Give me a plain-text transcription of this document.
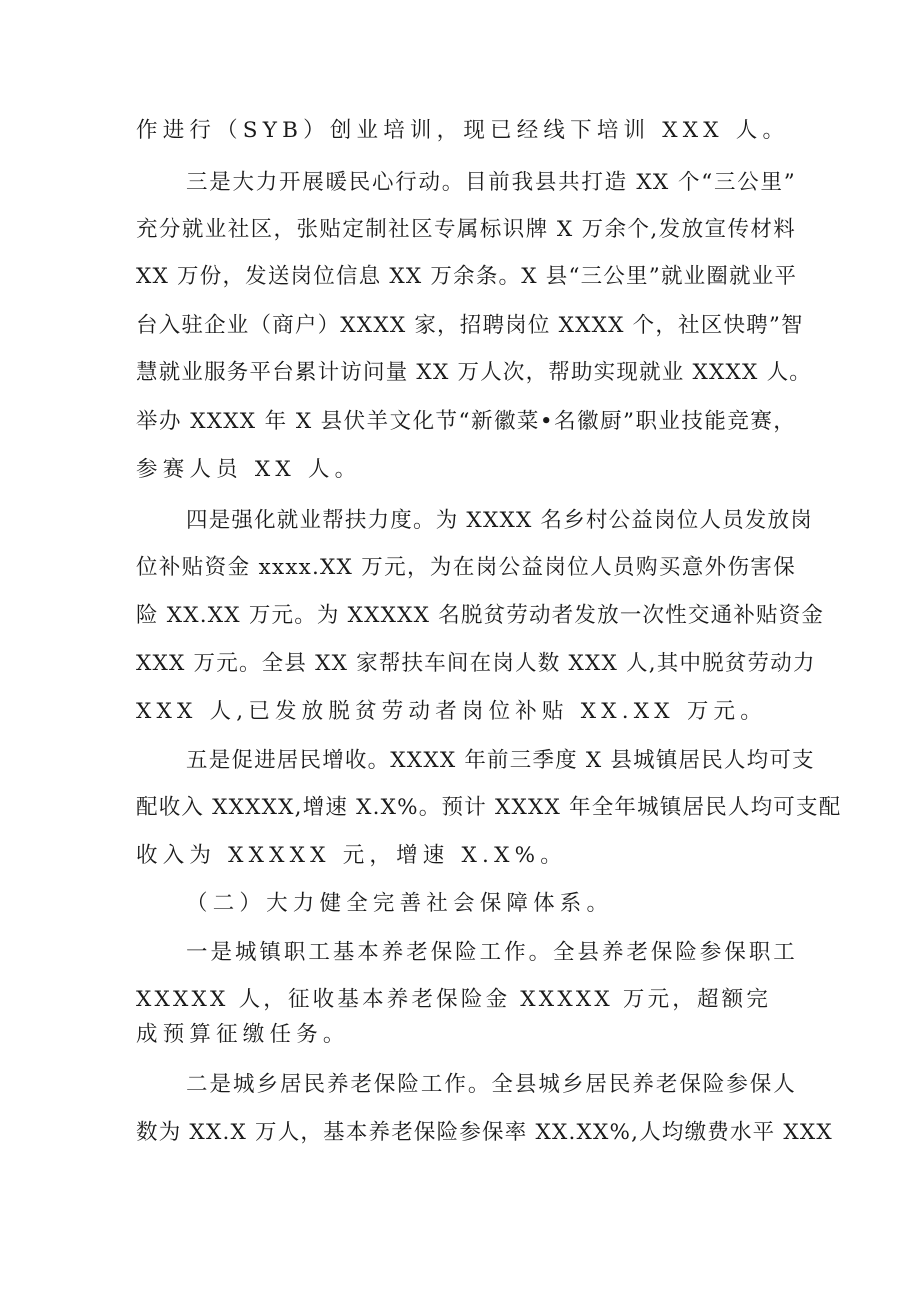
作进行（SYB）创业培训，现已经线下培训 XXX 人。
三是大力开展暖民心行动。目前我县共打造 XX 个“三公里”
充分就业社区，张贴定制社区专属标识牌 X 万余个,发放宣传材料
XX 万份，发送岗位信息 XX 万余条。X 县“三公里”就业圈就业平
台入驻企业（商户）XXXX 家，招聘岗位 XXXX 个，社区快聘”智
慧就业服务平台累计访问量 XX 万人次，帮助实现就业 XXXX 人。
举办 XXXX 年 X 县伏羊文化节“新徽菜•名徽厨”职业技能竞赛，
参赛人员 XX 人。
四是强化就业帮扶力度。为 XXXX 名乡村公益岗位人员发放岗
位补贴资金 xxxx.XX 万元，为在岗公益岗位人员购买意外伤害保
险 XX.XX 万元。为 XXXXX 名脱贫劳动者发放一次性交通补贴资金
XXX 万元。全县 XX 家帮扶车间在岗人数 XXX 人,其中脱贫劳动力
XXX 人,已发放脱贫劳动者岗位补贴 XX.XX 万元。
五是促进居民增收。XXXX 年前三季度 X 县城镇居民人均可支
配收入 XXXXX,增速 X.X%。预计 XXXX 年全年城镇居民人均可支配
收入为 XXXXX 元，增速 X.X%。
（二）大力健全完善社会保障体系。
一是城镇职工基本养老保险工作。全县养老保险参保职工
XXXXX 人，征收基本养老保险金 XXXXX 万元，超额完
成预算征缴任务。
二是城乡居民养老保险工作。全县城乡居民养老保险参保人
数为 XX.X 万人，基本养老保险参保率 XX.XX%,人均缴费水平 XXX
